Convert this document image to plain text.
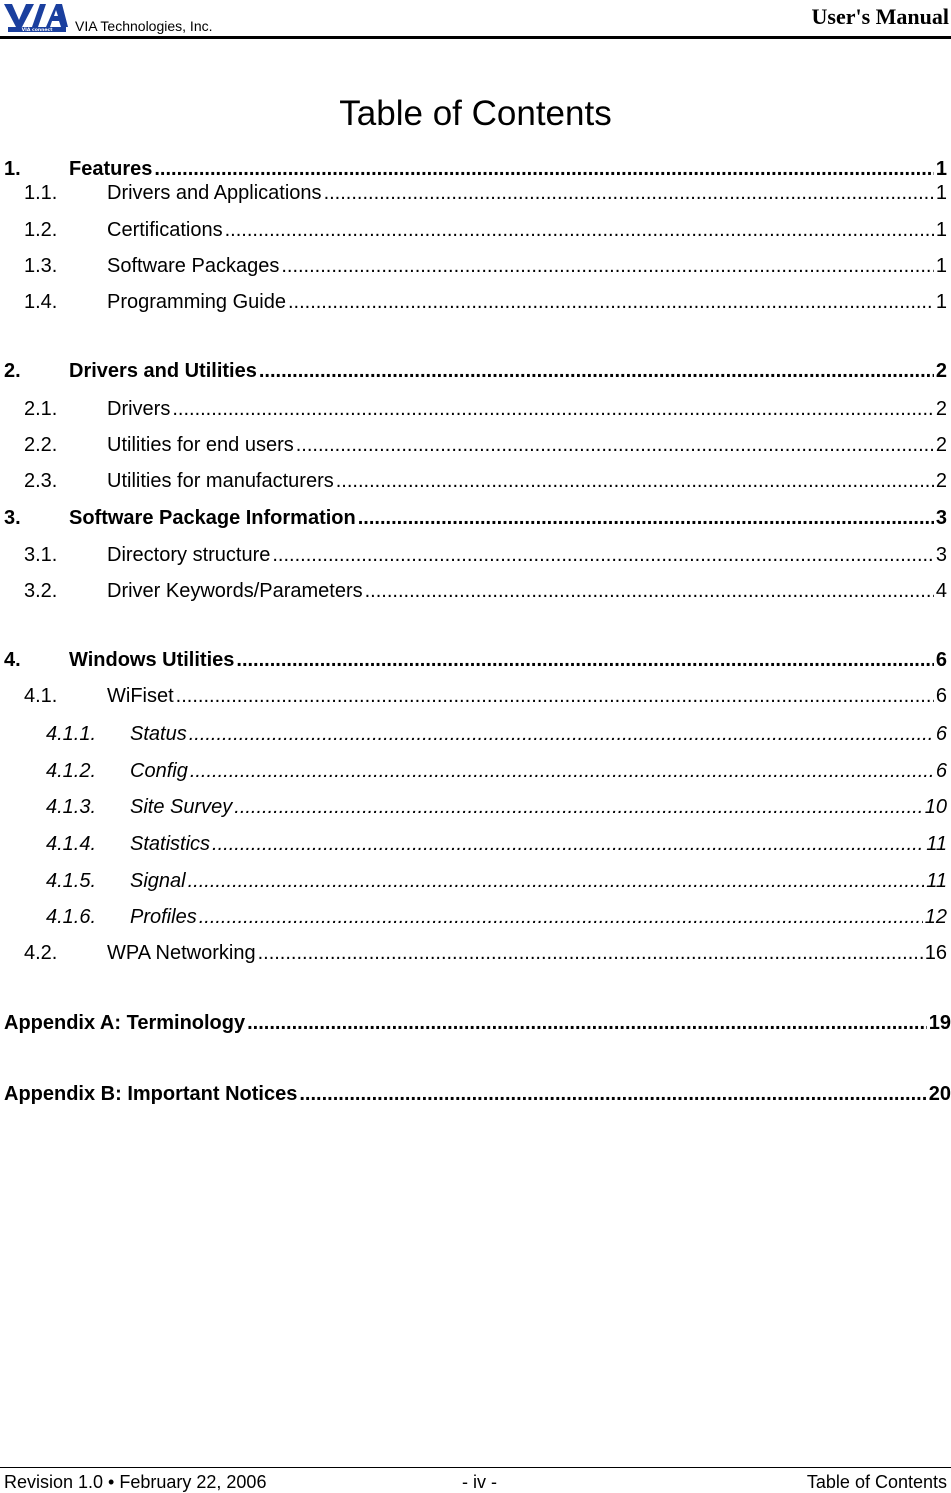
VIA connect VIA Technologies, Inc.	User's Manual
Table of Contents
1.	Features .....	1
1.1.	Drivers and Applications .....	1
1.2.	Certifications .....	1
1.3.	Software Packages .....	1
1.4.	Programming Guide .....	1
2.	Drivers and Utilities .....	2
2.1.	Drivers .....	2
2.2.	Utilities for end users .....	2
2.3.	Utilities for manufacturers .....	2
3.	Software Package Information .....	3
3.1.	Directory structure .....	3
3.2.	Driver Keywords/Parameters .....	4
4.	Windows Utilities .....	6
4.1.	WiFiset .....	6
4.1.1.	Status .....	6
4.1.2.	Config .....	6
4.1.3.	Site Survey .....	10
4.1.4.	Statistics .....	11
4.1.5.	Signal .....	11
4.1.6.	Profiles .....	12
4.2.	WPA Networking .....	16
Appendix A: Terminology .....	19
Appendix B: Important Notices .....	20
Revision 1.0 • February 22, 2006	- iv -	Table of Contents
